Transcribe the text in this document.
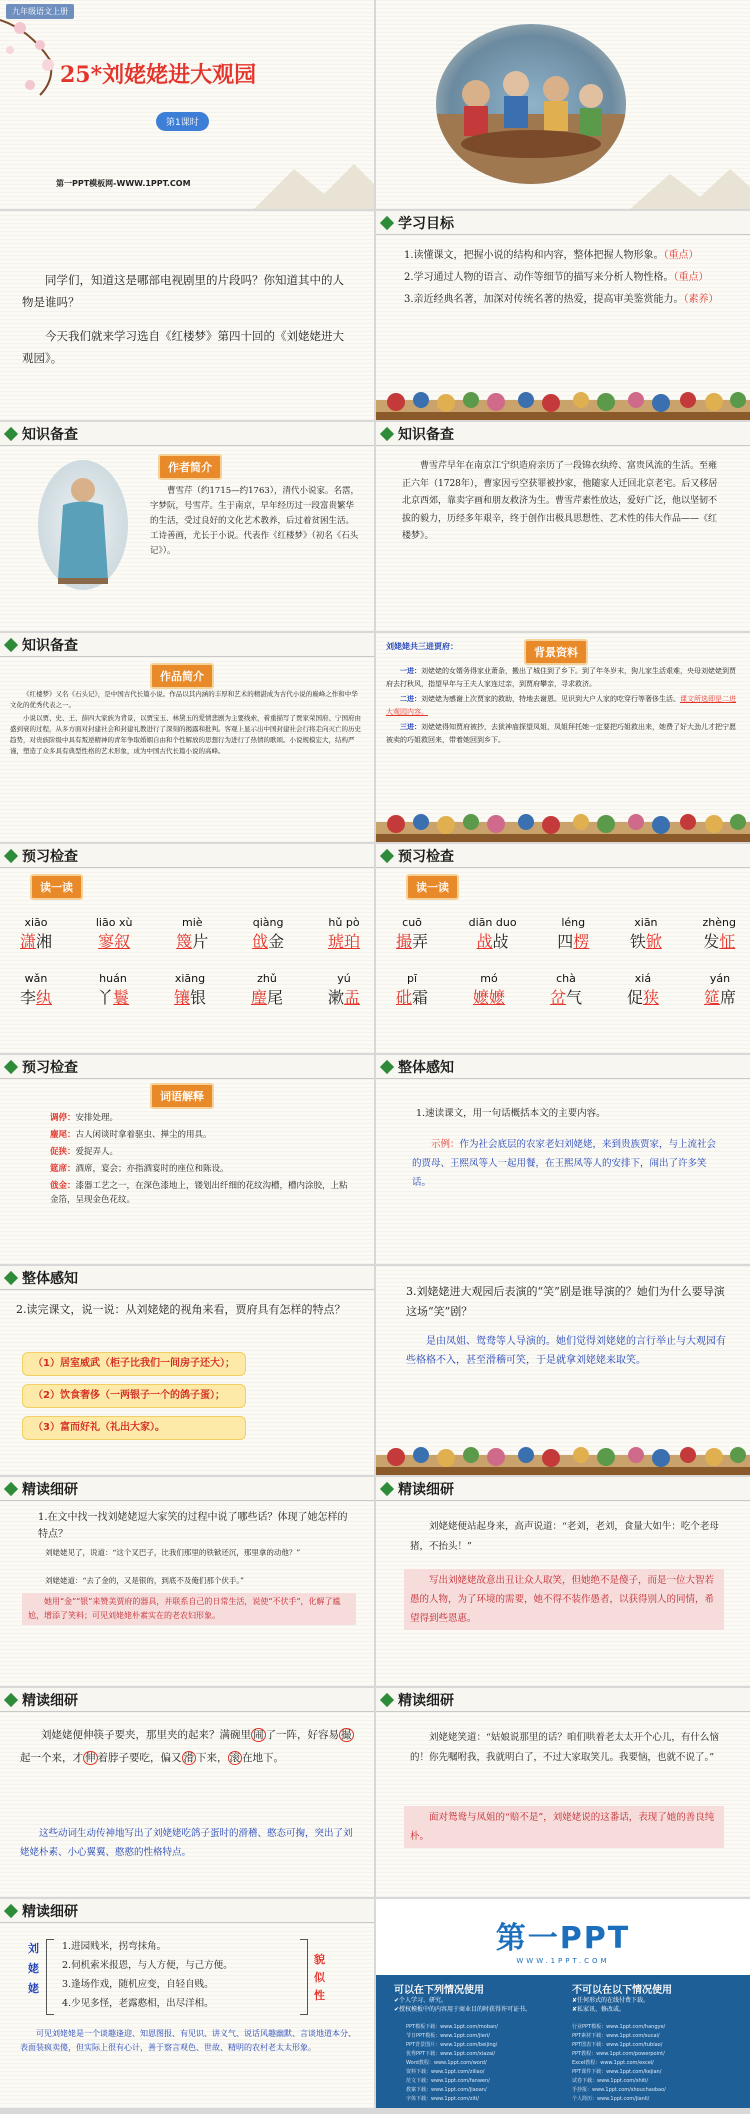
九年级语文上册
25*刘姥姥进大观园
第1课时
第一PPT模板网-WWW.1PPT.COM
同学们，知道这是哪部电视剧里的片段吗？你知道其中的人物是谁吗？
今天我们就来学习选自《红楼梦》第四十回的《刘姥姥进大观园》。
学习目标
1.读懂课文，把握小说的结构和内容，整体把握人物形象。（重点）
2.学习通过人物的语言、动作等细节的描写来分析人物性格。（重点）
3.亲近经典名著，加深对传统名著的热爱，提高审美鉴赏能力。（素养）
知识备查
作者简介
曹雪芹（约1715—约1763），清代小说家。名霑，字梦阮，号雪芹。生于南京，早年经历过一段富贵繁华的生活，受过良好的文化艺术教养，后过着贫困生活。工诗善画，尤长于小说。代表作《红楼梦》（初名《石头记》）。
知识备查
曹雪芹早年在南京江宁织造府亲历了一段锦衣纨绔、富贵风流的生活。至雍正六年（1728年），曹家因亏空获罪被抄家，他随家人迁回北京老宅。后又移居北京西郊，靠卖字画和朋友救济为生。曹雪芹素性放达，爱好广泛，他以坚韧不拔的毅力，历经多年艰辛，终于创作出极具思想性、艺术性的伟大作品——《红楼梦》。
知识备查
作品简介
《红楼梦》又名《石头记》，是中国古代长篇小说。作品以其内涵的丰厚和艺术的精湛成为古代小说的巅峰之作和中华文化的优秀代表之一。
小说以贾、史、王、薛四大家族为背景，以贾宝玉、林黛玉的爱情悲剧为主要线索，着重描写了贾家荣国府、宁国府由盛到衰的过程，从多方面对封建社会和封建礼教进行了深刻的揭露和批判。客观上显示出中国封建社会行将走向灭亡的历史趋势，对贵族阶级中具有叛逆精神的青年争取婚姻自由和个性解放的思想行为进行了热情的歌颂。小说规模宏大，结构严谨，塑造了众多具有典型性格的艺术形象，成为中国古代长篇小说的高峰。
刘姥姥共三进贾府：	背景资料
一进：刘姥姥的女婿务得家业萧条，搬出了城住到了乡下。到了年冬岁末，狗儿家生活艰难，央母刘姥姥到贾府去打秋风，指望早年与王夫人家连过亲，到贾府攀亲，寻求救济。
二进：刘姥姥为感谢上次贾家的救助，特地去谢恩。见识到大户人家的吃穿行等奢侈生活。课文所选即是二进大观园内容。
三进：刘姥姥得知贾府被抄，去狱神庙探望凤姐，凤姐拜托她一定要把巧姐救出来，她费了好大劲儿才把宁愿被卖的巧姐救回来，带着她回到乡下。
预习检查
读一读
xiāo
潇湘
liāo xù
寥叙
miè
篾片
qiàng
戗金
hǔ pò
琥珀
wǎn
李纨
huán
丫鬟
xiāng
镶银
zhǔ
麈尾
yú
漱盂
预习检查
读一读
cuō
撮弄
diān duo
战敁
léng
四楞
xiān
铁锨
zhèng
发怔
pī
砒霜
mó
嬷嬷
chà
岔气
xiá
促狭
yán
筵席
预习检查
词语解释
调停：安排处理。
麈尾：古人闲谈时拿着驱虫、掸尘的用具。
促狭：爱捉弄人。
筵席：酒席，宴会；亦指酒宴时的座位和陈设。
戗金：漆器工艺之一，在深色漆地上，镂划出纤细的花纹沟槽，槽内涂胶，上粘金箔，呈现金色花纹。
整体感知
1.速读课文，用一句话概括本文的主要内容。
示例：作为社会底层的农家老妇刘姥姥，来到贵族贾家，与上流社会的贾母、王熙凤等人一起用餐，在王熙凤等人的安排下，闹出了许多笑话。
整体感知
2.读完课文，说一说：从刘姥姥的视角来看，贾府具有怎样的特点？
（1）居室威武（柜子比我们一间房子还大）；
（2）饮食奢侈（一两银子一个的鸽子蛋）；
（3）富而好礼（礼出大家）。
3.刘姥姥进大观园后表演的“笑”剧是谁导演的？她们为什么要导演这场“笑”剧？
是由凤姐、鸳鸯等人导演的。她们觉得刘姥姥的言行举止与大观园有些格格不入，甚至滑稽可笑，于是就拿刘姥姥来取笑。
精读细研
1.在文中找一找刘姥姥逗大家笑的过程中说了哪些话？体现了她怎样的特点？
刘姥姥见了，说道：“这个叉巴子，比我们那里的铁锨还沉，那里拿的动他？”
刘姥姥道：“去了金的，又是银的，到底不及俺们那个伏手。”
她用“金”“银”来赞美贾府的器具，并联系自己的日常生活，说使“不伏手”，化解了尴尬，增添了笑料；可见刘姥姥朴素实在的老农妇形象。
精读细研
刘姥姥便站起身来，高声说道：“老刘，老刘，食量大如牛：吃个老母猪，不抬头！”
写出刘姥姥故意出丑让众人取笑，但她绝不是傻子，而是一位大智若愚的人物，为了环境的需要，她不得不装作愚者，以获得别人的同情，希望得到些恩惠。
精读细研
刘姥姥便伸筷子要夹，那里夹的起来？满碗里 闹 了一阵，好容易 撮起一个来，才 伸 着脖子要吃，偏又 滑 下来， 滚 在地下。
这些动词生动传神地写出了刘姥姥吃鸽子蛋时的滑稽、憨态可掬，突出了刘姥姥朴素、小心翼翼、憨憨的性格特点。
精读细研
刘姥姥笑道：“姑娘说那里的话？咱们哄着老太太开个心儿，有什么恼的！你先嘱咐我，我就明白了，不过大家取笑儿。我要恼，也就不说了。”
面对鸳鸯与凤姐的“赔不是”，刘姥姥说的这番话，表现了她的善良纯朴。
精读细研
刘姥姥
1.进园贱米，拐弯抹角。
2.伺机索米报恩，与人方便，与己方便。
3.逢场作戏，随机应变，自轻自贱。
4.少见多怪，老露憨相，出尽洋相。
貌似性
可见刘姥姥是一个谈趣逢迎、知恩图报、有见识、讲义气、说话风趣幽默、言谈地道本分、表面装疯卖傻，但实际上很有心计，善于察言观色、世故、精明的农村老太太形象。
第一PPT
WWW.1PPT.COM
可以在下列情况使用
✔个人学习、研究。
✔授权模板中的内容用于商业目的时获得许可证书。
不可以在以下情况使用
✘任何形式的在线付费下载。
✘私家讯、修改或。
PPT模板下载：www.1ppt.com/moban/
节日PPT模板：www.1ppt.com/jieri/
PPT背景图片：www.1ppt.com/beijing/
优秀PPT下载：www.1ppt.com/xiazai/
Word教程：www.1ppt.com/word/
资料下载：www.1ppt.com/ziliao/
范文下载：www.1ppt.com/fanwen/
教案下载：www.1ppt.com/jiaoan/
字体下载：www.1ppt.com/ziti/
行业PPT模板：www.1ppt.com/hangye/
PPT素材下载：www.1ppt.com/sucai/
PPT图表下载：www.1ppt.com/tubiao/
PPT教程：www.1ppt.com/powerpoint/
Excel教程：www.1ppt.com/excel/
PPT课件下载：www.1ppt.com/kejian/
试卷下载：www.1ppt.com/shiti/
手抄报：www.1ppt.com/shouchaobao/
个人简历：www.1ppt.com/jianli/
